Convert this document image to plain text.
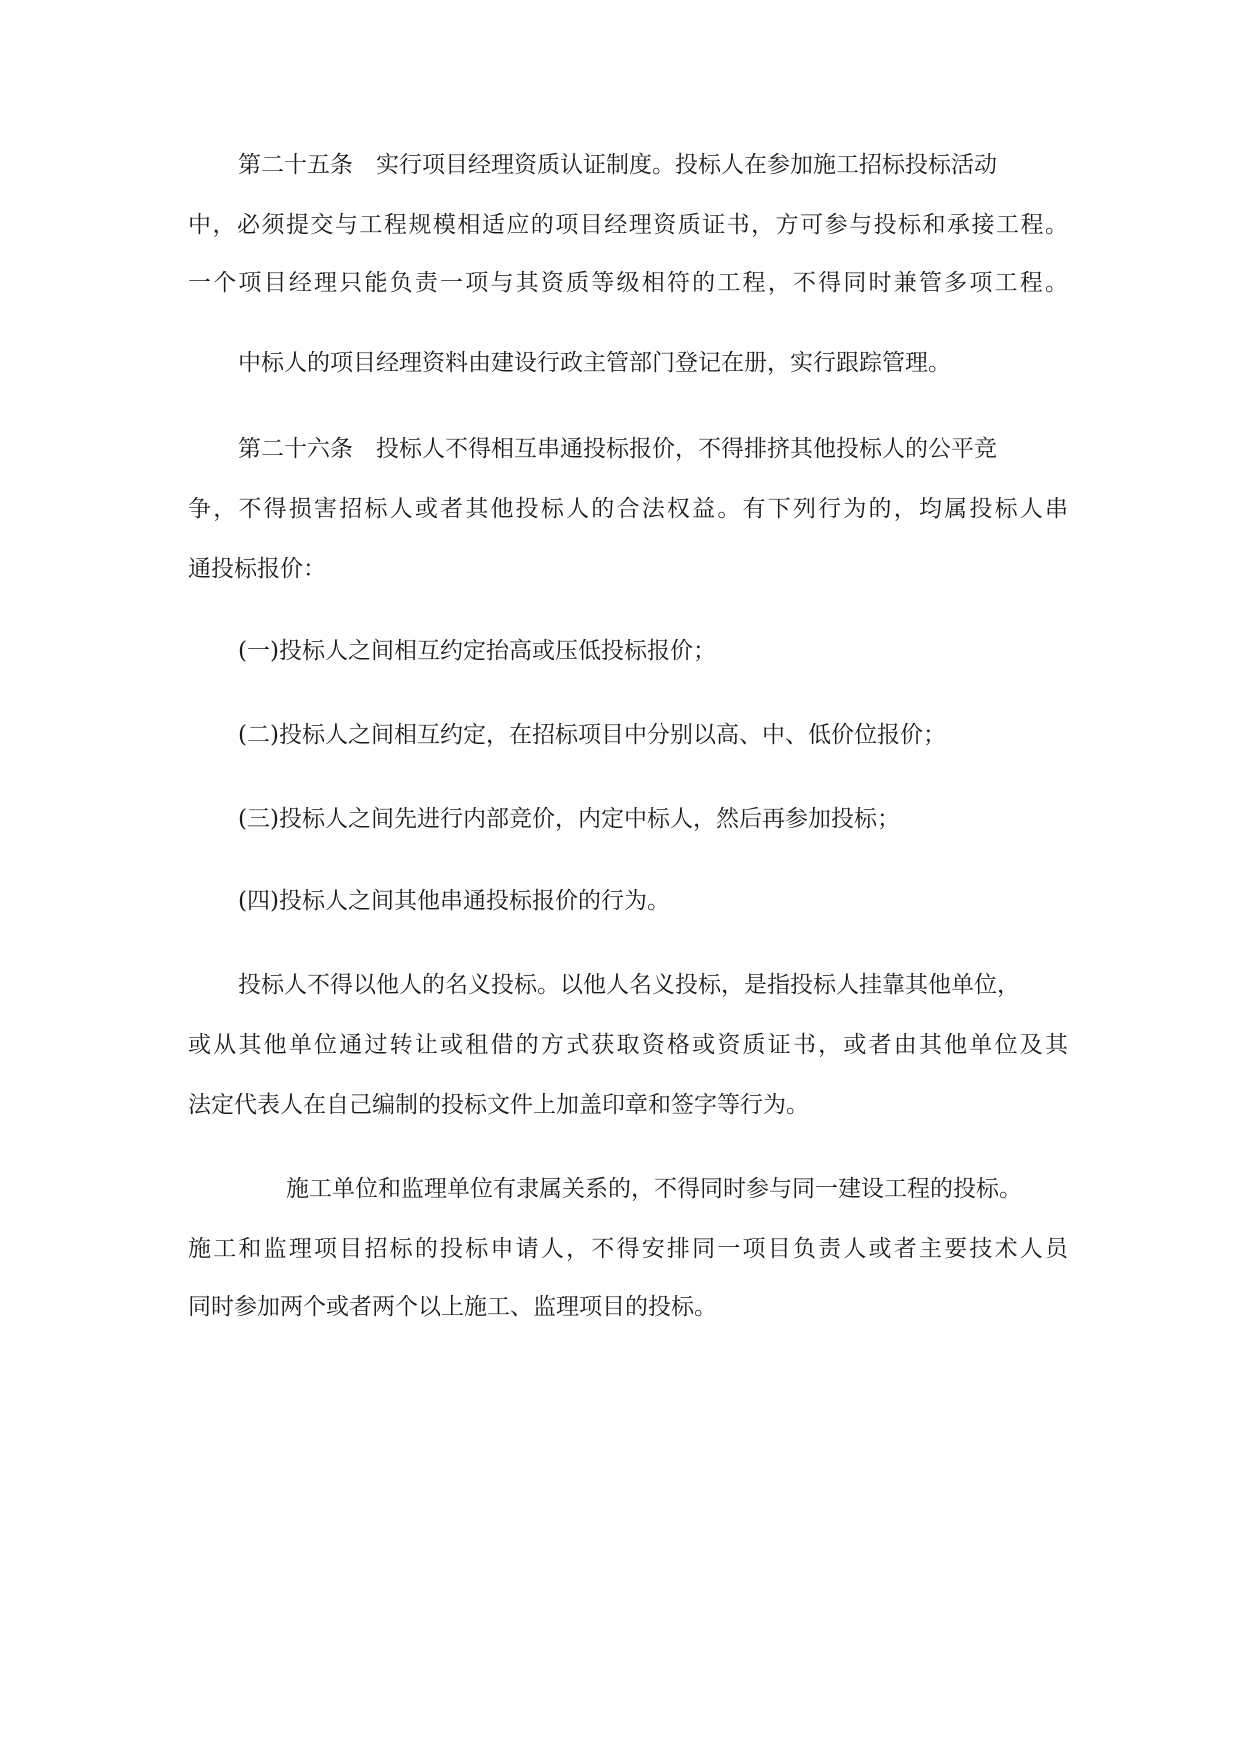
第二十五条　实行项目经理资质认证制度。投标人在参加施工招标投标活动
中，必须提交与工程规模相适应的项目经理资质证书，方可参与投标和承接工程。
一个项目经理只能负责一项与其资质等级相符的工程，不得同时兼管多项工程。
中标人的项目经理资料由建设行政主管部门登记在册，实行跟踪管理。
第二十六条　投标人不得相互串通投标报价，不得排挤其他投标人的公平竞
争，不得损害招标人或者其他投标人的合法权益。有下列行为的，均属投标人串
通投标报价：
(一)投标人之间相互约定抬高或压低投标报价；
(二)投标人之间相互约定，在招标项目中分别以高、中、低价位报价；
(三)投标人之间先进行内部竞价，内定中标人，然后再参加投标；
(四)投标人之间其他串通投标报价的行为。
投标人不得以他人的名义投标。以他人名义投标，是指投标人挂靠其他单位，
或从其他单位通过转让或租借的方式获取资格或资质证书，或者由其他单位及其
法定代表人在自己编制的投标文件上加盖印章和签字等行为。
施工单位和监理单位有隶属关系的，不得同时参与同一建设工程的投标。
施工和监理项目招标的投标申请人，不得安排同一项目负责人或者主要技术人员
同时参加两个或者两个以上施工、监理项目的投标。
